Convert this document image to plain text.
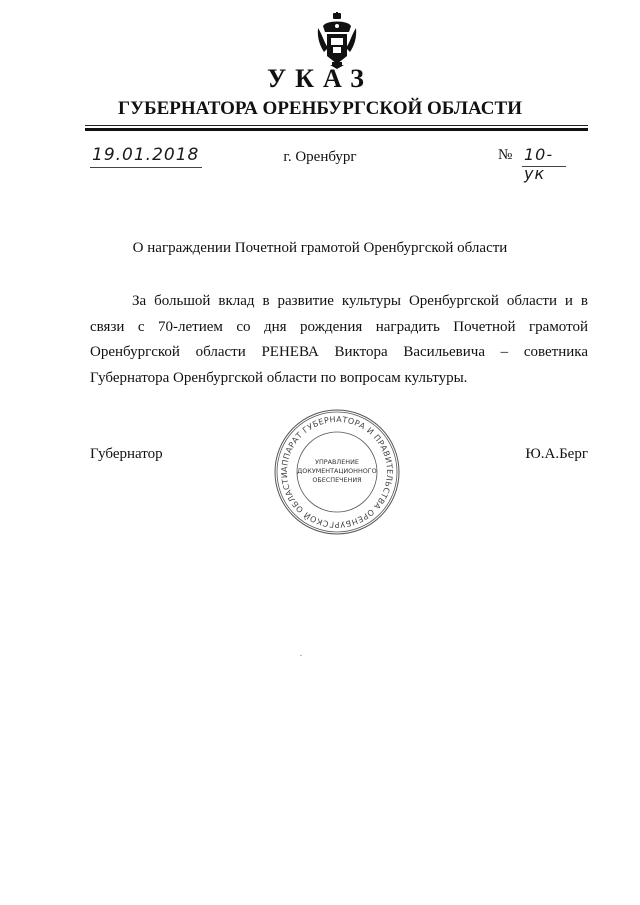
УКАЗ
ГУБЕРНАТОРА ОРЕНБУРГСКОЙ ОБЛАСТИ
19.01.2018	г. Оренбург	№ 10-ук
О награждении Почетной грамотой Оренбургской области

За большой вклад в развитие культуры Оренбургской области и в связи с 70-летием со дня рождения наградить Почетной грамотой Оренбургской области РЕНЕВА Виктора Васильевича – советника Губернатора Оренбургской области по вопросам культуры.

Губернатор	Ю.А.Берг
АППАРАТ ГУБЕРНАТОРА И ПРАВИТЕЛЬСТВА ОРЕНБУРГСКОЙ ОБЛАСТИ
УПРАВЛЕНИЕ
ДОКУМЕНТАЦИОННОГО
ОБЕСПЕЧЕНИЯ
